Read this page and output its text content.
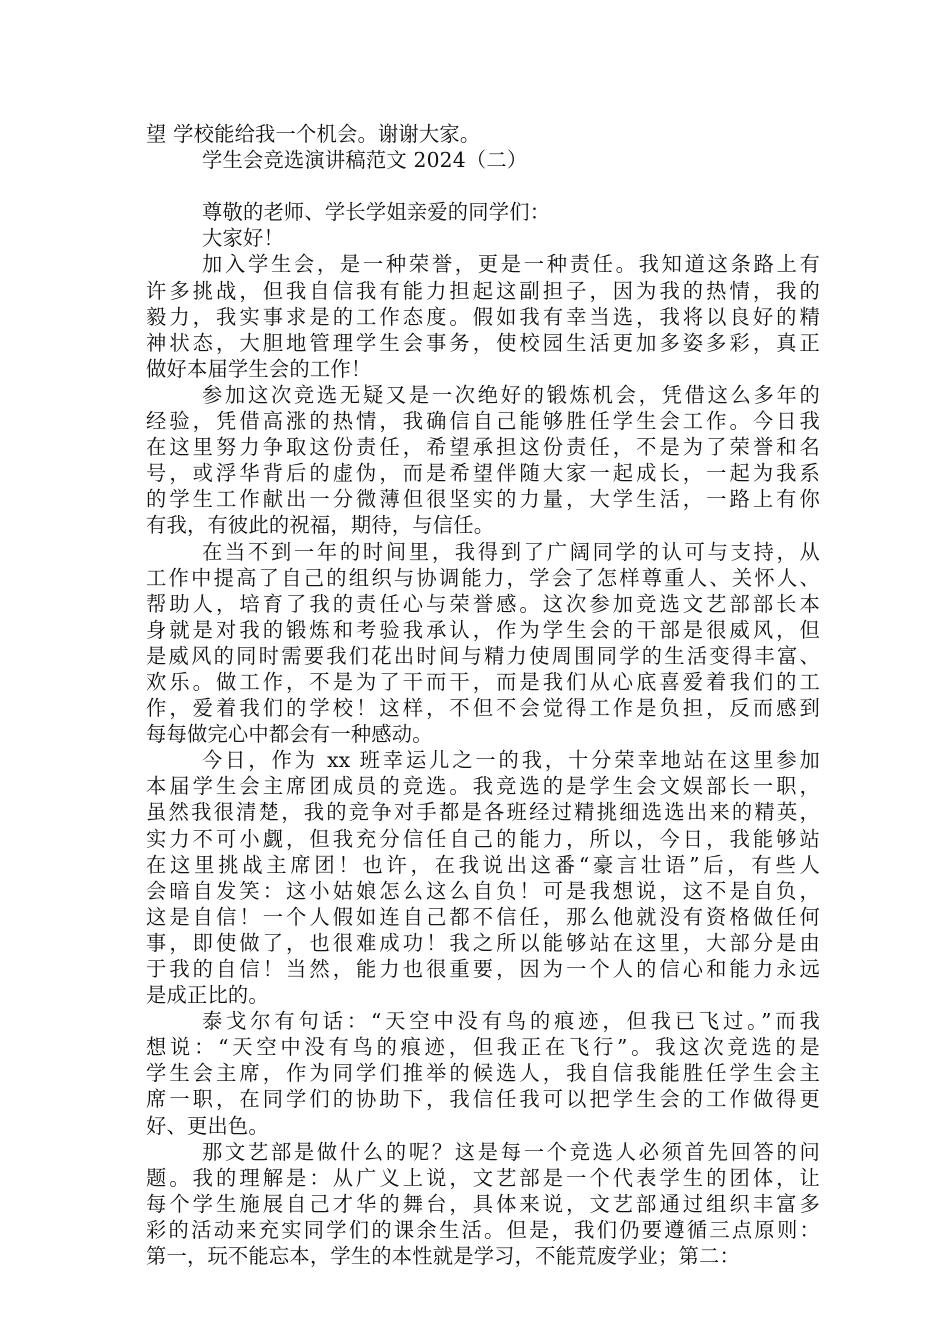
望 学校能给我一个机会。谢谢大家。
学生会竞选演讲稿范文 2024（二）
尊敬的老师、学长学姐亲爱的同学们：
大家好！
加入学生会，是一种荣誉，更是一种责任。我知道这条路上有
许多挑战，但我自信我有能力担起这副担子，因为我的热情，我的
毅力，我实事求是的工作态度。假如我有幸当选，我将以良好的精
神状态，大胆地管理学生会事务，使校园生活更加多姿多彩，真正
做好本届学生会的工作！
参加这次竞选无疑又是一次绝好的锻炼机会，凭借这么多年的
经验，凭借高涨的热情，我确信自己能够胜任学生会工作。今日我
在这里努力争取这份责任，希望承担这份责任，不是为了荣誉和名
号，或浮华背后的虚伪，而是希望伴随大家一起成长，一起为我系
的学生工作献出一分微薄但很坚实的力量，大学生活，一路上有你
有我，有彼此的祝福，期待，与信任。
在当不到一年的时间里，我得到了广阔同学的认可与支持，从
工作中提高了自己的组织与协调能力，学会了怎样尊重人、关怀人、
帮助人，培育了我的责任心与荣誉感。这次参加竞选文艺部部长本
身就是对我的锻炼和考验我承认，作为学生会的干部是很威风，但
是威风的同时需要我们花出时间与精力使周围同学的生活变得丰富、
欢乐。做工作，不是为了干而干，而是我们从心底喜爱着我们的工
作，爱着我们的学校！这样，不但不会觉得工作是负担，反而感到
每每做完心中都会有一种感动。
今日，作为 xx 班幸运儿之一的我，十分荣幸地站在这里参加
本届学生会主席团成员的竞选。我竞选的是学生会文娱部长一职，
虽然我很清楚，我的竞争对手都是各班经过精挑细选选出来的精英，
实力不可小觑，但我充分信任自己的能力，所以，今日，我能够站
在这里挑战主席团！也许，在我说出这番“豪言壮语”后，有些人
会暗自发笑：这小姑娘怎么这么自负！可是我想说，这不是自负，
这是自信！一个人假如连自己都不信任，那么他就没有资格做任何
事，即使做了，也很难成功！我之所以能够站在这里，大部分是由
于我的自信！当然，能力也很重要，因为一个人的信心和能力永远
是成正比的。
泰戈尔有句话：“天空中没有鸟的痕迹，但我已飞过。”而我
想说：“天空中没有鸟的痕迹，但我正在飞行”。我这次竞选的是
学生会主席，作为同学们推举的候选人，我自信我能胜任学生会主
席一职，在同学们的协助下，我信任我可以把学生会的工作做得更
好、更出色。
那文艺部是做什么的呢？这是每一个竞选人必须首先回答的问
题。我的理解是：从广义上说，文艺部是一个代表学生的团体，让
每个学生施展自己才华的舞台，具体来说，文艺部通过组织丰富多
彩的活动来充实同学们的课余生活。但是，我们仍要遵循三点原则：
第一，玩不能忘本，学生的本性就是学习，不能荒废学业；第二：
